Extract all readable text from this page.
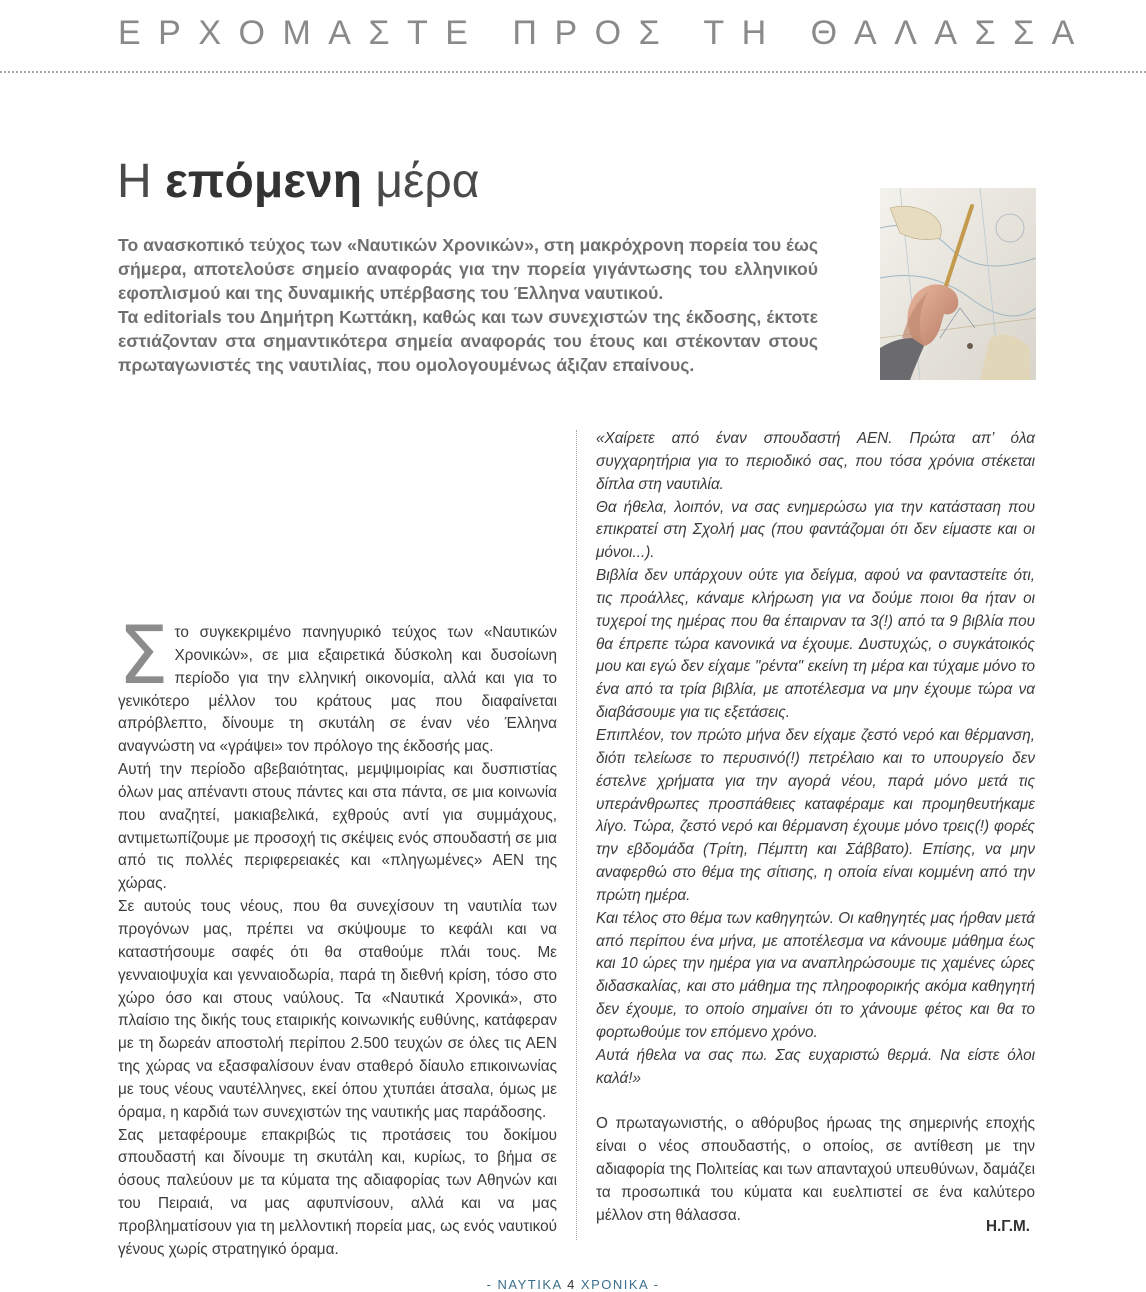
ΕΡΧΟΜΑΣΤΕ ΠΡΟΣ ΤΗ ΘΑΛΑΣΣΑ
Η επόμενη μέρα

Το ανασκοπικό τεύχος των «Ναυτικών Χρονικών», στη μακρόχρονη πορεία του έως σήμερα, αποτελούσε σημείο αναφοράς για την πορεία γιγάντωσης του ελληνικού εφοπλισμού και της δυναμικής υπέρβασης του Έλληνα ναυτικού.

Τα editorials του Δημήτρη Κωττάκη, καθώς και των συνεχιστών της έκδοσης, έκτοτε εστιάζονταν στα σημαντικότερα σημεία αναφοράς του έτους και στέκονταν στους πρωταγωνιστές της ναυτιλίας, που ομολογουμένως άξιζαν επαίνους.

Σ το συγκεκριμένο πανηγυρικό τεύχος των «Ναυτικών Χρονικών», σε μια εξαιρετικά δύσκολη και δυσοίωνη περίοδο για την ελληνική οικονομία, αλλά και για το γενικότερο μέλλον του κράτους μας που διαφαίνεται απρόβλεπτο, δίνουμε τη σκυτάλη σε έναν νέο Έλληνα αναγνώστη να «γράψει» τον πρόλογο της έκδοσής μας.

Αυτή την περίοδο αβεβαιότητας, μεμψιμοιρίας και δυσπιστίας όλων μας απέναντι στους πάντες και στα πάντα, σε μια κοινωνία που αναζητεί, μακιαβελικά, εχθρούς αντί για συμμάχους, αντιμετωπίζουμε με προσοχή τις σκέψεις ενός σπουδαστή σε μια από τις πολλές περιφερειακές και «πληγωμένες» ΑΕΝ της χώρας.

Σε αυτούς τους νέους, που θα συνεχίσουν τη ναυτιλία των προγόνων μας, πρέπει να σκύψουμε το κεφάλι και να καταστήσουμε σαφές ότι θα σταθούμε πλάι τους. Με γενναιοψυχία και γενναιοδωρία, παρά τη διεθνή κρίση, τόσο στο χώρο όσο και στους ναύλους. Τα «Ναυτικά Χρονικά», στο πλαίσιο της δικής τους εταιρικής κοινωνικής ευθύνης, κατάφεραν με τη δωρεάν αποστολή περίπου 2.500 τευχών σε όλες τις ΑΕΝ της χώρας να εξασφαλίσουν έναν σταθερό δίαυλο επικοινωνίας με τους νέους ναυτέλληνες, εκεί όπου χτυπάει άτσαλα, όμως με όραμα, η καρδιά των συνεχιστών της ναυτικής μας παράδοσης.

Σας μεταφέρουμε επακριβώς τις προτάσεις του δοκίμου σπουδαστή και δίνουμε τη σκυτάλη και, κυρίως, το βήμα σε όσους παλεύουν με τα κύματα της αδιαφορίας των Αθηνών και του Πειραιά, να μας αφυπνίσουν, αλλά και να μας προβληματίσουν για τη μελλοντική πορεία μας, ως ενός ναυτικού γένους χωρίς στρατηγικό όραμα.

«Χαίρετε από έναν σπουδαστή ΑΕΝ. Πρώτα απ’ όλα συγχαρητήρια για το περιοδικό σας, που τόσα χρόνια στέκεται δίπλα στη ναυτιλία.

Θα ήθελα, λοιπόν, να σας ενημερώσω για την κατάσταση που επικρατεί στη Σχολή μας (που φαντάζομαι ότι δεν είμαστε και οι μόνοι...).

Βιβλία δεν υπάρχουν ούτε για δείγμα, αφού να φανταστείτε ότι, τις προάλλες, κάναμε κλήρωση για να δούμε ποιοι θα ήταν οι τυχεροί της ημέρας που θα έπαιρναν τα 3(!) από τα 9 βιβλία που θα έπρεπε τώρα κανονικά να έχουμε. Δυστυχώς, ο συγκάτοικός μου και εγώ δεν είχαμε "ρέντα" εκείνη τη μέρα και τύχαμε μόνο το ένα από τα τρία βιβλία, με αποτέλεσμα να μην έχουμε τώρα να διαβάσουμε για τις εξετάσεις.

Επιπλέον, τον πρώτο μήνα δεν είχαμε ζεστό νερό και θέρμανση, διότι τελείωσε το περυσινό(!) πετρέλαιο και το υπουργείο δεν έστελνε χρήματα για την αγορά νέου, παρά μόνο μετά τις υπεράνθρωπες προσπάθειες καταφέραμε και προμηθευτήκαμε λίγο. Τώρα, ζεστό νερό και θέρμανση έχουμε μόνο τρεις(!) φορές την εβδομάδα (Τρίτη, Πέμπτη και Σάββατο). Επίσης, να μην αναφερθώ στο θέμα της σίτισης, η οποία είναι κομμένη από την πρώτη ημέρα.

Και τέλος στο θέμα των καθηγητών. Οι καθηγητές μας ήρθαν μετά από περίπου ένα μήνα, με αποτέλεσμα να κάνουμε μάθημα έως και 10 ώρες την ημέρα για να αναπληρώσουμε τις χαμένες ώρες διδασκαλίας, και στο μάθημα της πληροφορικής ακόμα καθηγητή δεν έχουμε, το οποίο σημαίνει ότι το χάνουμε φέτος και θα το φορτωθούμε τον επόμενο χρόνο.

Αυτά ήθελα να σας πω. Σας ευχαριστώ θερμά. Να είστε όλοι καλά!»

Ο πρωταγωνιστής, ο αθόρυβος ήρωας της σημερινής εποχής είναι ο νέος σπουδαστής, ο οποίος, σε αντίθεση με την αδιαφορία της Πολιτείας και των απανταχού υπευθύνων, δαμάζει τα προσωπικά του κύματα και ευελπιστεί σε ένα καλύτερο μέλλον στη θάλασσα.

Η.Γ.Μ.
- ΝΑΥΤΙΚΑ 4 ΧΡΟΝΙΚΑ -
